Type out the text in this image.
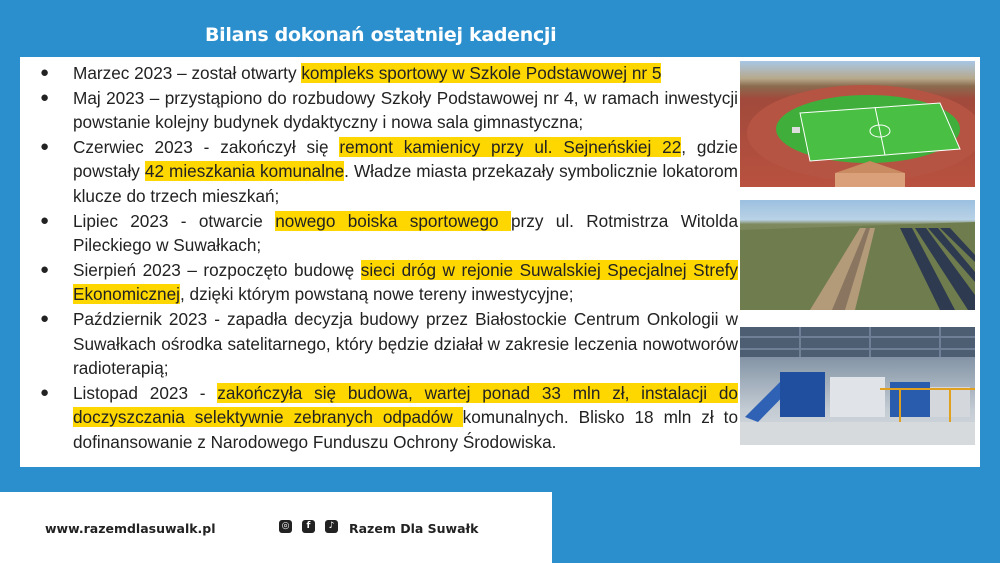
Bilans dokonań ostatniej kadencji
● Marzec 2023 – został otwarty kompleks sportowy w Szkole Podstawowej nr 5
● Maj 2023 – przystąpiono do rozbudowy Szkoły Podstawowej nr 4, w ramach inwestycji powstanie kolejny budynek dydaktyczny i nowa sala gimnastyczna;
● Czerwiec 2023 - zakończył się remont kamienicy przy ul. Sejneńskiej 22, gdzie powstały 42 mieszkania komunalne. Władze miasta przekazały symbolicznie lokatorom klucze do trzech mieszkań;
● Lipiec 2023 - otwarcie nowego boiska sportowego przy ul. Rotmistrza Witolda Pileckiego w Suwałkach;
● Sierpień 2023 – rozpoczęto budowę sieci dróg w rejonie Suwalskiej Specjalnej Strefy Ekonomicznej, dzięki którym powstaną nowe tereny inwestycyjne;
● Październik 2023 - zapadła decyzja budowy przez Białostockie Centrum Onkologii w Suwałkach ośrodka satelitarnego, który będzie działał w zakresie leczenia nowotworów radioterapią;
● Listopad 2023 - zakończyła się budowa, wartej ponad 33 mln zł, instalacji do doczyszczania selektywnie zebranych odpadów komunalnych. Blisko 18 mln zł to dofinansowanie z Narodowego Funduszu Ochrony Środowiska.
www.razemdlasuwalk.pl	◎	f	♪ Razem Dla Suwałk
